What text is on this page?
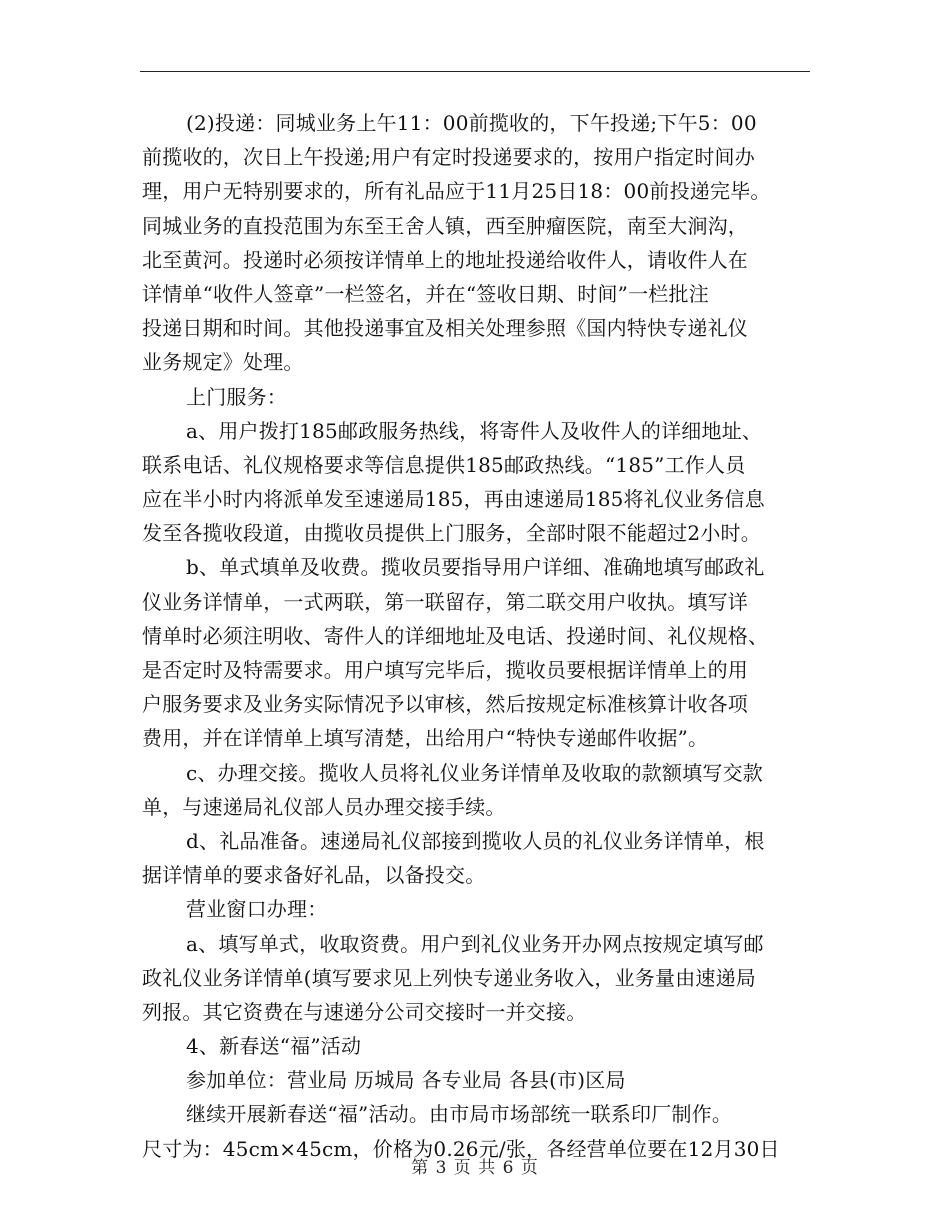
(2)投递：同城业务上午11：00前揽收的，下午投递;下午5：00
前揽收的，次日上午投递;用户有定时投递要求的，按用户指定时间办
理，用户无特别要求的，所有礼品应于11月25日18：00前投递完毕。
同城业务的直投范围为东至王舍人镇，西至肿瘤医院，南至大涧沟，
北至黄河。投递时必须按详情单上的地址投递给收件人，请收件人在
详情单“收件人签章”一栏签名，并在“签收日期、时间”一栏批注
投递日期和时间。其他投递事宜及相关处理参照《国内特快专递礼仪
业务规定》处理。
上门服务：
a、用户拨打185邮政服务热线，将寄件人及收件人的详细地址、
联系电话、礼仪规格要求等信息提供185邮政热线。“185”工作人员
应在半小时内将派单发至速递局185，再由速递局185将礼仪业务信息
发至各揽收段道，由揽收员提供上门服务，全部时限不能超过2小时。
b、单式填单及收费。揽收员要指导用户详细、准确地填写邮政礼
仪业务详情单，一式两联，第一联留存，第二联交用户收执。填写详
情单时必须注明收、寄件人的详细地址及电话、投递时间、礼仪规格、
是否定时及特需要求。用户填写完毕后，揽收员要根据详情单上的用
户服务要求及业务实际情况予以审核，然后按规定标准核算计收各项
费用，并在详情单上填写清楚，出给用户“特快专递邮件收据”。
c、办理交接。揽收人员将礼仪业务详情单及收取的款额填写交款
单，与速递局礼仪部人员办理交接手续。
d、礼品准备。速递局礼仪部接到揽收人员的礼仪业务详情单，根
据详情单的要求备好礼品，以备投交。
营业窗口办理：
a、填写单式，收取资费。用户到礼仪业务开办网点按规定填写邮
政礼仪业务详情单(填写要求见上列快专递业务收入，业务量由速递局
列报。其它资费在与速递分公司交接时一并交接。
4、新春送“福”活动
参加单位：营业局 历城局 各专业局 各县(市)区局
继续开展新春送“福”活动。由市局市场部统一联系印厂制作。
尺寸为：45cm×45cm，价格为0.26元/张，各经营单位要在12月30日
第 3 页 共 6 页
